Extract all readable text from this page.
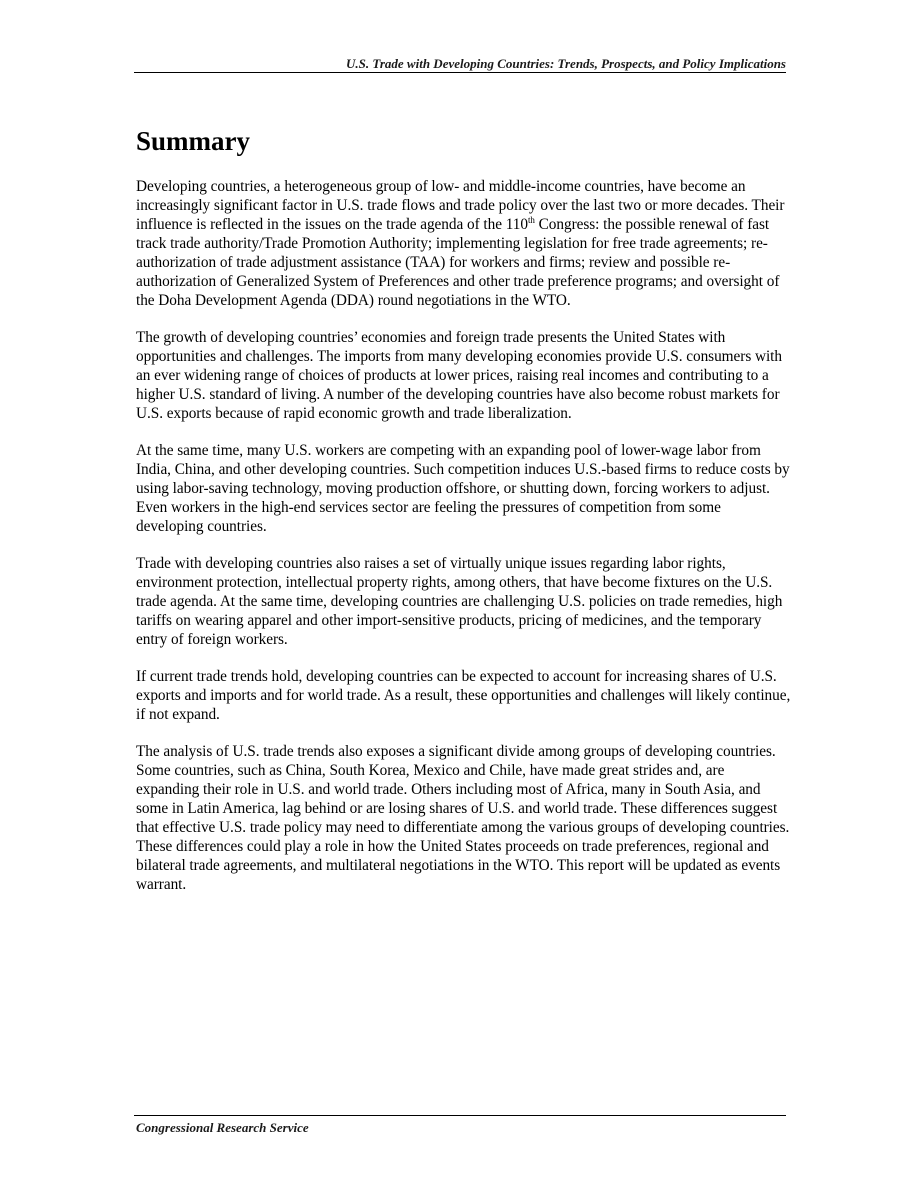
U.S. Trade with Developing Countries: Trends, Prospects, and Policy Implications
Summary

Developing countries, a heterogeneous group of low- and middle-income countries, have become an increasingly significant factor in U.S. trade flows and trade policy over the last two or more decades. Their influence is reflected in the issues on the trade agenda of the 110th Congress: the possible renewal of fast track trade authority/Trade Promotion Authority; implementing legislation for free trade agreements; re-authorization of trade adjustment assistance (TAA) for workers and firms; review and possible re-authorization of Generalized System of Preferences and other trade preference programs; and oversight of the Doha Development Agenda (DDA) round negotiations in the WTO.

The growth of developing countries’ economies and foreign trade presents the United States with opportunities and challenges. The imports from many developing economies provide U.S. consumers with an ever widening range of choices of products at lower prices, raising real incomes and contributing to a higher U.S. standard of living. A number of the developing countries have also become robust markets for U.S. exports because of rapid economic growth and trade liberalization.

At the same time, many U.S. workers are competing with an expanding pool of lower-wage labor from India, China, and other developing countries. Such competition induces U.S.-based firms to reduce costs by using labor-saving technology, moving production offshore, or shutting down, forcing workers to adjust. Even workers in the high-end services sector are feeling the pressures of competition from some developing countries.

Trade with developing countries also raises a set of virtually unique issues regarding labor rights, environment protection, intellectual property rights, among others, that have become fixtures on the U.S. trade agenda. At the same time, developing countries are challenging U.S. policies on trade remedies, high tariffs on wearing apparel and other import-sensitive products, pricing of medicines, and the temporary entry of foreign workers.

If current trade trends hold, developing countries can be expected to account for increasing shares of U.S. exports and imports and for world trade. As a result, these opportunities and challenges will likely continue, if not expand.

The analysis of U.S. trade trends also exposes a significant divide among groups of developing countries. Some countries, such as China, South Korea, Mexico and Chile, have made great strides and, are expanding their role in U.S. and world trade. Others including most of Africa, many in South Asia, and some in Latin America, lag behind or are losing shares of U.S. and world trade. These differences suggest that effective U.S. trade policy may need to differentiate among the various groups of developing countries. These differences could play a role in how the United States proceeds on trade preferences, regional and bilateral trade agreements, and multilateral negotiations in the WTO. This report will be updated as events warrant.

Congressional Research Service
